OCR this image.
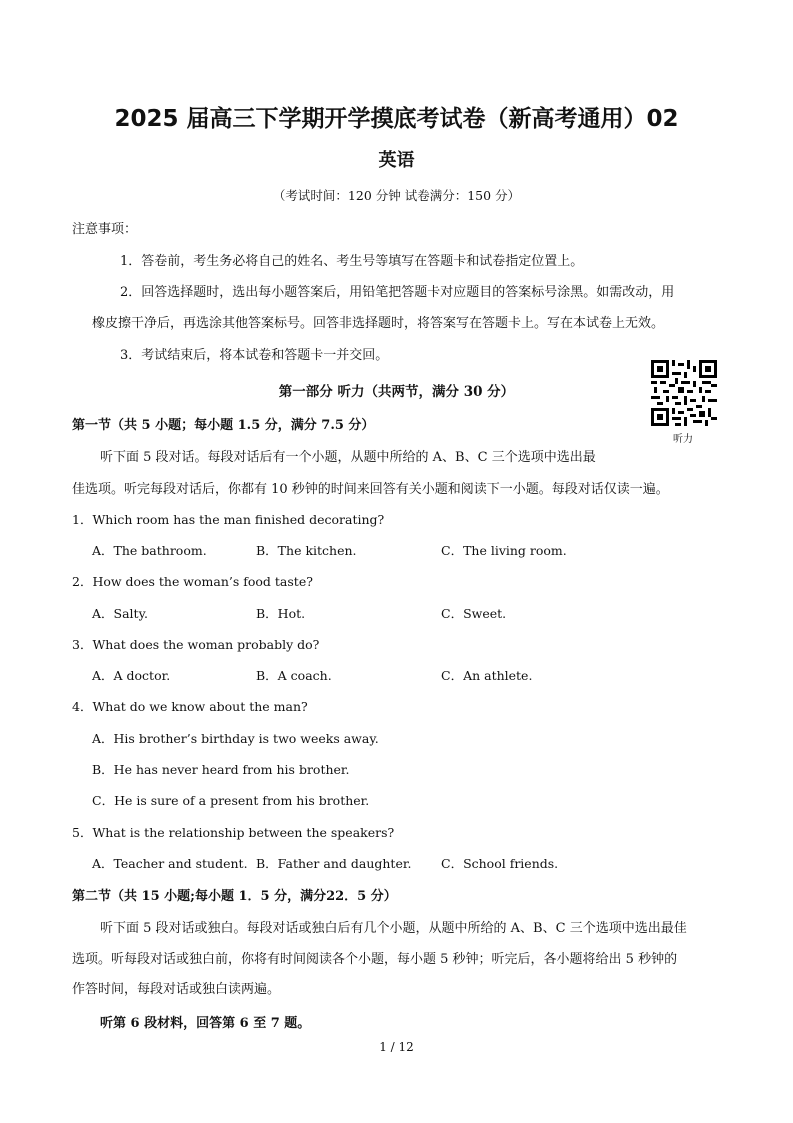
2025 届高三下学期开学摸底考试卷（新高考通用）02
英语
（考试时间：120 分钟 试卷满分：150 分）
注意事项：
1．答卷前，考生务必将自己的姓名、考生号等填写在答题卡和试卷指定位置上。
2．回答选择题时，选出每小题答案后，用铅笔把答题卡对应题目的答案标号涂黑。如需改动，用
橡皮擦干净后，再选涂其他答案标号。回答非选择题时，将答案写在答题卡上。写在本试卷上无效。
3．考试结束后，将本试卷和答题卡一并交回。
第一部分 听力（共两节，满分 30 分）
听力
第一节（共 5 小题；每小题 1.5 分，满分 7.5 分）
听下面 5 段对话。每段对话后有一个小题，从题中所给的 A、B、C 三个选项中选出最
佳选项。听完每段对话后，你都有 10 秒钟的时间来回答有关小题和阅读下一小题。每段对话仅读一遍。
1．Which room has the man finished decorating?
A．The bathroom.	B．The kitchen.	C．The living room.
2．How does the woman’s food taste?
A．Salty.	B．Hot.	C．Sweet.
3．What does the woman probably do?
A．A doctor.	B．A coach.	C．An athlete.
4．What do we know about the man?
A．His brother’s birthday is two weeks away.
B．He has never heard from his brother.
C．He is sure of a present from his brother.
5．What is the relationship between the speakers?
A．Teacher and student. B．Father and daughter. C．School friends.
第二节（共 15 小题;每小题 1．5 分，满分22．5 分）
听下面 5 段对话或独白。每段对话或独白后有几个小题，从题中所给的 A、B、C 三个选项中选出最佳
选项。听每段对话或独白前，你将有时间阅读各个小题，每小题 5 秒钟；听完后，各小题将给出 5 秒钟的
作答时间，每段对话或独白读两遍。
听第 6 段材料，回答第 6 至 7 题。
1 / 12
